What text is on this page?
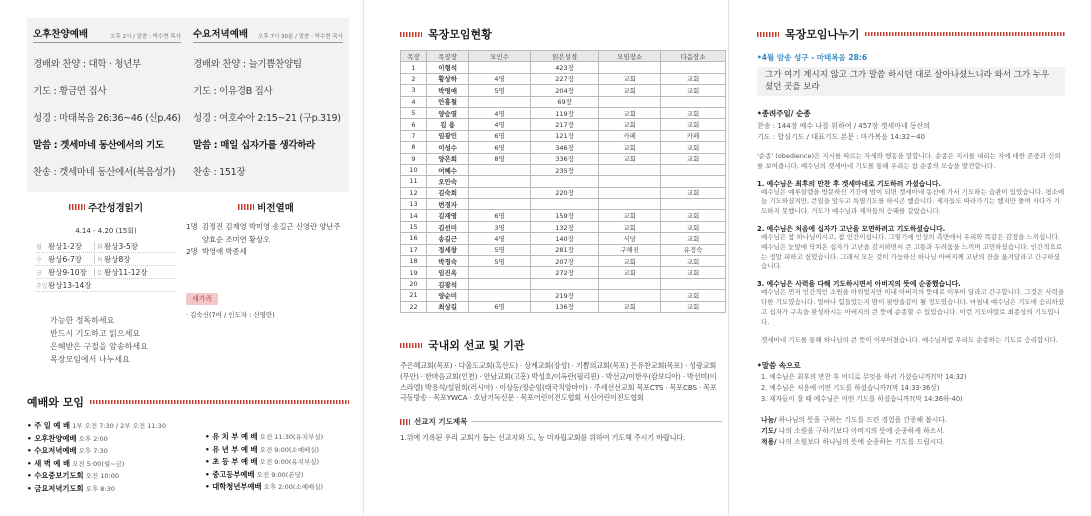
오후찬양예배	오후 2시 / 말씀 : 박수현 목사
경배와 찬양 : 대학 · 청년부
기도 : 황금연 집사
성경 : 마태복음 26:36~46 (신p.46)
말씀 : 겟세마네 동산에서의 기도
찬송 : 겟세마네 동산에서(복음성가)
수요저녁예배 오후 7시 30분 / 말씀 : 박수현 목사
경배와 찬양 : 늘기쁨찬양팀
기도 : 이유경B 집사
성경 : 여호수아 2:15~21 (구p.319)
말씀 : 매일 십자가를 생각하라
찬송 : 151장
주간성경읽기
4.14 - 4.20 (15회)
월 왕상1-2장	화 왕상3-5장
수 왕상6-7장	목 왕상8장
금 왕상9-10장	토 왕상11-12장
주일 왕상13-14장
가능한 정독하세요
반드시 기도하고 읽으세요
은혜받은 구절을 암송하세요
목장모임에서 나누세요
비전열매
1명 김정진 김재영 박미영 송길근 신영란 양난주 양효순 조미연 황상오
2명 박영애 박종세
새가족
· 김숙신(7여 / 인도자 : 신영란)
예배와 모임
• 주 일 예 배 1부 오전 7:30 / 2부 오전 11:30
• 오후찬양예배 오후 2:00
• 수요저녁예배 오후 7:30
• 새 벽 예 배 오전 5:00(월~금)
• 수요중보기도회 오전 10:00
• 금요저녁기도회 오후 8:30
• 유 치 부 예 배 오전 11:30(유치부실)
• 유 년 부 예 배 오전 9:00(소예배실)
• 초 등 부 예 배 오전 9:00(유치부실)
• 중고등부예배 오전 9:00(본당)
• 대학청년부예배 오후 2:00(소예배실)
목장모임현황
목장	목장장	모인수	읽은성경	모임장소	다음장소
1	이형석		423장		
2	황상하	4명	227장	교회	교회
3	박영애	5명	204장	교회	교회
4	안홍철		69장		
5	양승열	4명	119장	교회	교회
6	김 용	4명	217장	교회	교회
7	임광민	6명	121장	카페	카페
8	이성수	6명	346장	교회	교회
9	양은희	8명	336장	교회	교회
10	어혜수		235장		
11	오안숙				
12	김숙희		220장		교회
13	변경자				
14	김재영	6명	159장	교회	교회
15	김선미	3명	132장	교회	교회
16	송길근	4명	140장	식당	교회
17	정세창	5명	281장	구해진	유정숙
18	박정숙	5명	207장	교회	교회
19	임진옥		272장	교회	교회
20	김광석				
21	양순미		219장		교회
22	최상길	6명	136장	교회	교회
국내외 선교 및 기관
주은혜교회(목포) · 다울도교회(흑산도) · 상계교회(장성) · 기쁨의교회(목포) 은유찬교회(목포) · 성광교회(무안) · 한마음교회(인천) · 안남교회(고흥) 박성호/이옥란(필리핀) · 박선교/이한우(캄보디아) · 박선미(이스라엘) 박용석/설원희(러시아) · 이상동/정순임(태국치앙마이) · 주세선선교회 목포CTS · 목포CBS · 목포극동방송 · 목포YWCA · 호남기독신문 · 목포어린이전도협회 서신어린이전도협회
선교지 기도제목
1.위에 기록된 우리 교회가 돕는 선교지와 도, 능 미자립교회를 위하여 기도해 주시기 바랍니다.
목장모임나누기
•4월 암송 성구 - 마태복음 28:6
그가 여기 계시지 않고 그가 말씀 하시던 대로 살아나셨느니라 와서 그가 누우셨던 곳을 보라
•종려주일/ 순종
찬송 : 144장 예수 나를 위하여 / 457장 겟세마네 동산의
기도 : 합심기도 / 대표기도 본문 : 마가복음 14:32~40
'순종' (obedience)은 지시를 따르는 자세와 행동을 말합니다. 순종은 지시를 내리는 자에 대한 존중과 신뢰를 보여줍니다. 예수님의 겟세마네 기도를 통해 우리는 참 순종의 모습을 발견합니다.
1. 예수님은 최후의 만찬 후 겟세마네로 기도하러 가셨습니다.
예수님은 예루살렘을 방문하신 기간에 밤이 되면 겟세마네 동산에 가서 기도하는 습관이 있었습니다. 평소에 늘 기도하셨지만, 큰일을 앞두고 특별기도를 하시곤 했습니다. 제자들도 따라가기는 했지만 졸며 자다가 기도하지 못했니다. 기도가 예수님과 제자들의 승패를 갈랐습니다.
2. 예수님은 처음에 십자가 고난을 모면하려고 기도하셨습니다.
예수님은 참 하나님이시고, 참 인간이십니다. 그렇기에 인성의 측면에서 우리와 똑같은 감정을 느끼십니다. 예수님은 눈앞에 닥쳐온 십자가 고난을 감지하면서 큰 고통과 두려움을 느끼며 고민하셨습니다. 인간적으로는 정말 피하고 싶었습니다. 그래서 모든 것이 가능하신 하나님 아버지께 고난의 잔을 옮겨달라고 간구하셨습니다.
3. 예수님은 사력을 다해 기도하시면서 아버지의 뜻에 순종했습니다.
예수님은 먼저 인간적인 소원을 아뢰었지만 이내 아버지의 뜻대로 이루어 달라고 간구합니다. 그것은 사력을 다한 기도였습니다. 얼마나 힘들었는지 땀이 핏방울같이 될 정도였습니다. 마침내 예수님은 기도에 승리하셨고 십자가 구속을 완성하시는 아버지의 큰 뜻에 순종할 수 있었습니다. 이런 기도야말로 최종상의 기도입니다.
겟세마네 기도를 통해 하나님의 큰 뜻이 이루어졌습니다. 예수님처럼 우리도 순종하는 기도로 승리합시다.
•말씀 속으로
1. 예수님은 최후의 만찬 후 어디로 무엇을 하러 가셨습니까?(막 14:32)
2. 예수님은 처음에 어떤 기도를 하셨습니까?(막 14:33-36상)
3. 제자들이 잘 때 예수님은 어떤 기도를 하셨습니까?(막 14:36하-40)
나눔/ 하나님의 뜻을 구하는 기도를 드린 경험을 간증해 봅시다.
기도/ 나의 소원을 구하기보다 아버지의 뜻에 순종하게 하소서.
적용/ 나의 소원보다 하나님의 뜻에 순종하는 기도를 드립시다.
